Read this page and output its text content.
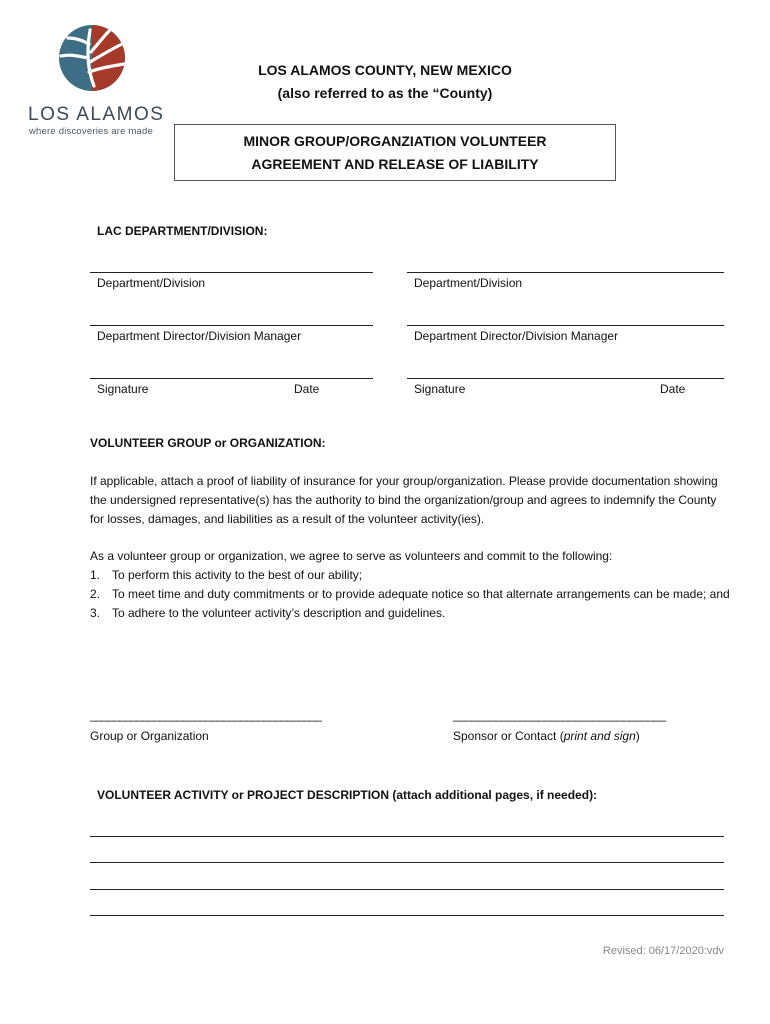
LOS ALAMOS
where discoveries are made
LOS ALAMOS COUNTY, NEW MEXICO
(also referred to as the “County)
MINOR GROUP/ORGANZIATION VOLUNTEER
AGREEMENT AND RELEASE OF LIABILITY
LAC DEPARTMENT/DIVISION:
Department/Division
Department Director/Division Manager
Signature	Date
Department/Division
Department Director/Division Manager
Signature	Date
VOLUNTEER GROUP or ORGANIZATION:
If applicable, attach a proof of liability of insurance for your group/organization. Please provide documentation showing the undersigned representative(s) has the authority to bind the organization/group and agrees to indemnify the County for losses, damages, and liabilities as a result of the volunteer activity(ies).
As a volunteer group or organization, we agree to serve as volunteers and commit to the following:
1. To perform this activity to the best of our ability;
2. To meet time and duty commitments or to provide adequate notice so that alternate arrangements can be made; and
3. To adhere to the volunteer activity’s description and guidelines.
________________________________________
Group or Organization
___________________________________
Sponsor or Contact (print and sign)
VOLUNTEER ACTIVITY or PROJECT DESCRIPTION (attach additional pages, if needed):
Revised: 06/17/2020:vdv
